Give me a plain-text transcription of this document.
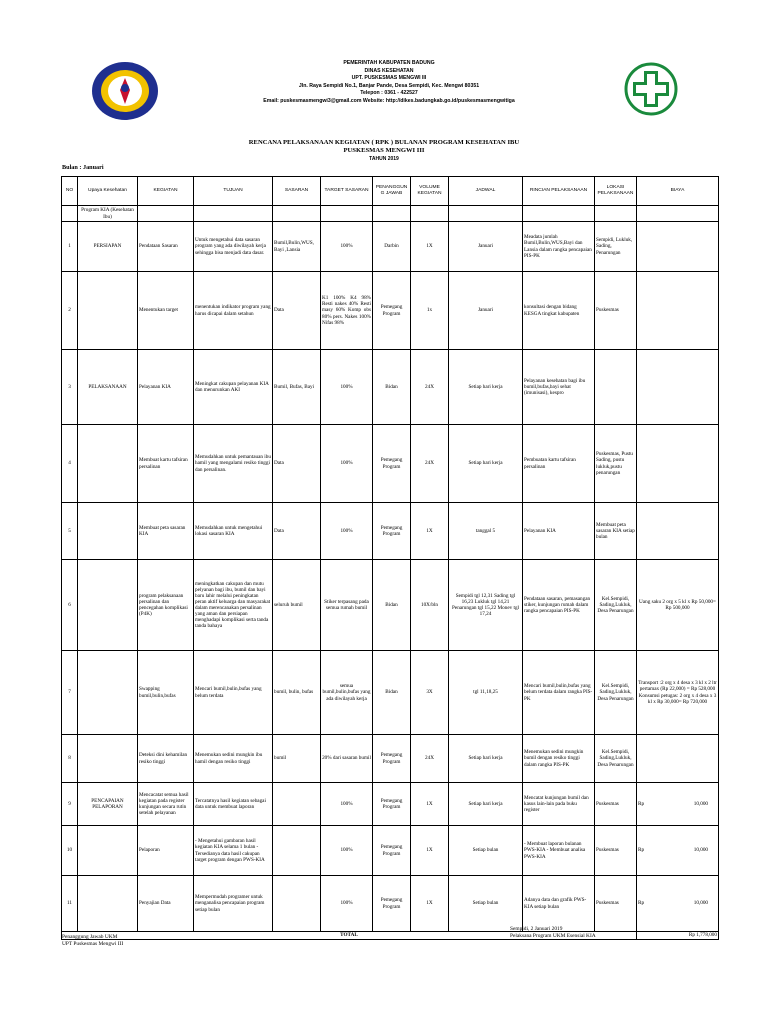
PEMERINTAH KABUPATEN BADUNG
DINAS KESEHATAN
UPT. PUSKESMAS MENGWI III
Jln. Raya Sempidi No.1, Banjar Pande, Desa Sempidi, Kec. Mengwi 80351
Telepon : 0361 - 422527
Email: puskesmasmengwi3@gmail.com Website: http://dikes.badungkab.go.id/puskesmasmengwitiga
RENCANA PELAKSANAAN KEGIATAN ( RPK ) BULANAN PROGRAM KESEHATAN IBU
PUSKESMAS MENGWI III
TAHUN 2019
Bulan : Januari
NO	Upaya Kesehatan	KEGIATAN	TUJUAN	SASARAN	TARGET SASARAN	PENANGGUNG JAWAB	VOLUME KEGIATAN	JADWAL	RINCIAN PELAKSANAAN	LOKASI PELAKSANAAN	BIAYA
	Program KIA (Kesehatan Ibu)										
1	PERSIAPAN	Pendataan Sasaran	Untuk mengetahui data sasaran program yang ada diwilayah kerja sehingga bisa menjadi data dasar.	Bumil,Bulin,WUS, Bayi ,Lansia	100%	Darbin	1X	Januari	Meadata jumlah Bumil,Bulin,WUS,Bayi dan Lansia dalam rangka pencapaian PIS-PK	Sempidi, Lukluk, Sading, Penarungan	
2		Menentukan target	menentukan indikator program yang harus dicapai dalam setahun	Data	K1 100% K4 98% Resti nakes 40% Resti masy 60% Komp obs 80% pers. Nakes 100% Nifas 98%	Pemegang Program	1x	Januari	konsultasi dengan bidang KESGA tingkat kabupaten	Puskesmas	
3	PELAKSANAAN	Pelayanan KIA	Meningkat cakupan pelayanan KIA dan menurunkan AKI	Bumil, Bufas, Bayi	100%	Bidan	24X	Setiap hari kerja	Pelayanan kesehatan bagi ibu bumil,bufas,bayi sehat (imunisasi), kespro		
4		Membuat kartu tafsiran persalinan	Memudahkan untuk pemantauan ibu hamil yang mengalami resiko tinggi dan persalinan.	Data	100%	Pemegang Program	24X	Setiap hari kerja	Pembuatan kartu tafsiran persalinan	Puskesmas, Pustu Sading, pustu lukluk,pustu penarungan	
5		Membuat peta sasaran KIA	Memudahkan untuk mengetahui lokasi sasaran KIA	Data	100%	Pemegang Program	1X	tanggal 5	Pelayanan KIA	Membuat peta sasaran KIA setiap bulan	
6		program pelaksanaan persalinan dan pencegahan komplikasi (P4K)	meningkatkan cakupan dan mutu pelyanan bagi ibu, bumil dan bayi baru lahir melalui peningkatan peran aktif keluarga dan masyarakat dalam merencanakan persalinan yang aman dan persiapan menghadapi komplikasi serta tanda tanda bahaya	seluruh bumil	Stiker terpasang pada semua rumah bumil	Bidan	10X/bln	Sempidi tgl 12,31 Sading tgl 16,23 Lukluk tgl 14,21 Penarungan tgl 15,22 Monev tgl 17,24	Pendataan sasaran, pemasangan stiker, kunjungan rumah dalam rangka pencapaian PIS-PK	Kel.Sempidi, Sading,Lukluk, Desa Penarungan	Uang saku 2 org x 5 kl x Rp 50,000= Rp 500,000
7		Swapping bumil,bulin,bufas	Mencari bumil,bulin,bufas yang belum terdata	bumil, bulin, bufas	semua bumil,bulin,bufas yang ada diwilayah kerja	Bidan	3X	tgl 11,18,25	Mencari bumil,bulin,bufas yang belum terdata dalam rangka PIS-PK	Kel.Sempidi, Sading,Lukluk, Desa Penarungan	Transport :2 org x 4 desa x 3 kl x 2 ltr pertamax (Rp 22,000) = Rp 528,000 Konsumsi petugas: 2 org x 4 desa x 3 kl x Rp 30,000= Rp 720,000
8		Deteksi dini kehamilan resiko tinggi	Menemukan sedini mungkin ibu hamil dengan resiko tinggi	bumil	20% dari sasaran bumil	Pemegang Program	24X	Setiap hari kerja	Menemukan sedini mungkin bumil dengan resiko tinggi dalam rangka PIS-PK	Kel.Sempidi, Sading,Lukluk, Desa Penarungan	
9	PENCAPAIAN PELAPORAN	Mencacatat semua hasil kegiatan pada register kunjungan secara rutin setelah pelayanan	Tercatatnya hasil kegiatan sebagai data untuk membuat laporan		100%	Pemegang Program	1X	Setiap hari kerja	Mencatat kunjungan bumil dan kasus lain-lain pada buku register	Puskesmas	Rp 10,000

10		Pelaporan	- Mengetahui gambaran hasil kegiatan KIA selama 1 bulan -Tersedianya data hasil cakupan target program dengan PWS-KIA		100%	Pemegang Program	1X	Setiap bulan	- Membuat laporan bulanan PWS-KIA - Membuat analisa PWS-KIA	Puskesmas	Rp 10,000

11		Penyajian Data	Mempermudah programer untuk menganalisa pencapaian program setiap bulan		100%	Pemegang Program	1X	Setiap bulan	Adanya data dan grafik PWS-KIA setiap bulan	Puskesmas	Rp 10,000

TOTAL											Rp 1,778,000
Penanggung Jawab UKM
UPT Puskesmas Mengwi III
Sempidi, 2 Januari 2019
Pelaksana Program UKM Esensial KIA
